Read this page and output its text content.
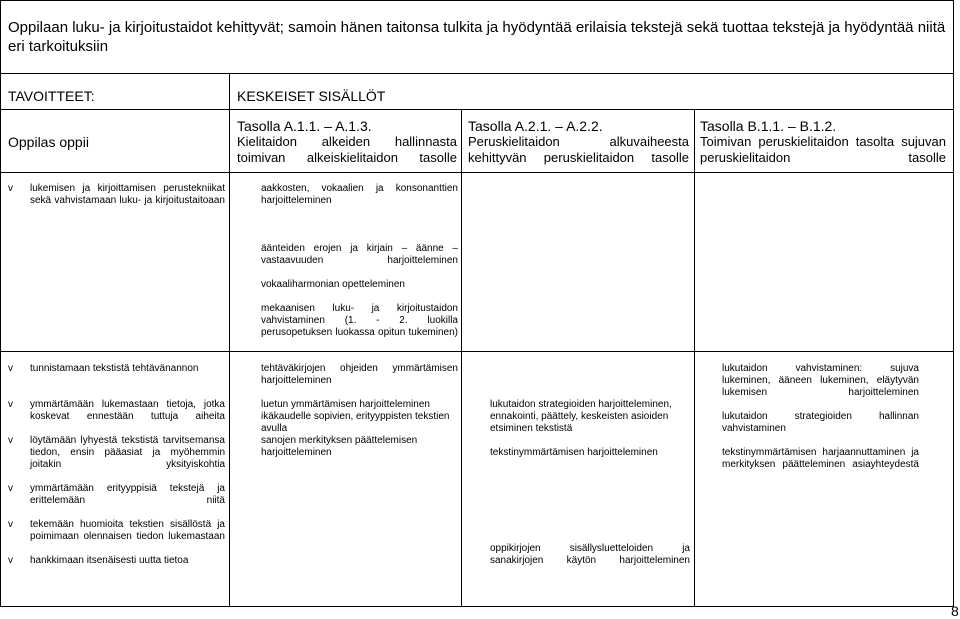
Oppilaan luku- ja kirjoitustaidot kehittyvät; samoin hänen taitonsa tulkita ja hyödyntää erilaisia tekstejä sekä tuottaa tekstejä ja hyödyntää niitä eri tarkoituksiin
TAVOITTEET:	KESKEISET SISÄLLÖT
Oppilas oppii
Tasolla A.1.1. – A.1.3.
Kielitaidon alkeiden hallinnasta toimivan alkeiskielitaidon tasolle
Tasolla A.2.1. – A.2.2.
Peruskielitaidon alkuvaiheesta kehittyvän peruskielitaidon tasolle
Tasolla B.1.1. – B.1.2.
Toimivan peruskielitaidon tasolta sujuvan peruskielitaidon tasolle
v lukemisen ja kirjoittamisen perustekniikat sekä vahvistamaan luku- ja kirjoitustaitoaan
aakkosten, vokaalien ja konsonanttien harjoitteleminen
äänteiden erojen ja kirjain – äänne – vastaavuuden harjoitteleminen
vokaaliharmonian opetteleminen
mekaanisen luku- ja kirjoitustaidon vahvistaminen (1. - 2. luokilla perusopetuksen luokassa opitun tukeminen)
v tunnistamaan tekstistä tehtävänannon
v ymmärtämään lukemastaan tietoja, jotka koskevat ennestään tuttuja aiheita
v löytämään lyhyestä tekstistä tarvitsemansa tiedon, ensin pääasiat ja myöhemmin joitakin yksityiskohtia
v ymmärtämään erityyppisiä tekstejä ja erittelemään niitä
v tekemään huomioita tekstien sisällöstä ja poimimaan olennaisen tiedon lukemastaan
v hankkimaan itsenäisesti uutta tietoa
tehtäväkirjojen ohjeiden ymmärtämisen harjoitteleminen
luetun ymmärtämisen harjoitteleminen ikäkaudelle sopivien, erityyppisten tekstien avulla
sanojen merkityksen päättelemisen harjoitteleminen
lukutaidon strategioiden harjoitteleminen, ennakointi, päättely, keskeisten asioiden etsiminen tekstistä
tekstinymmärtämisen harjoitteleminen
oppikirjojen sisällysluetteloiden ja sanakirjojen käytön harjoitteleminen
lukutaidon vahvistaminen: sujuva lukeminen, ääneen lukeminen, eläytyvän lukemisen harjoitteleminen
lukutaidon strategioiden hallinnan vahvistaminen
tekstinymmärtämisen harjaannuttaminen ja merkityksen päätteleminen asiayhteydestä
8
